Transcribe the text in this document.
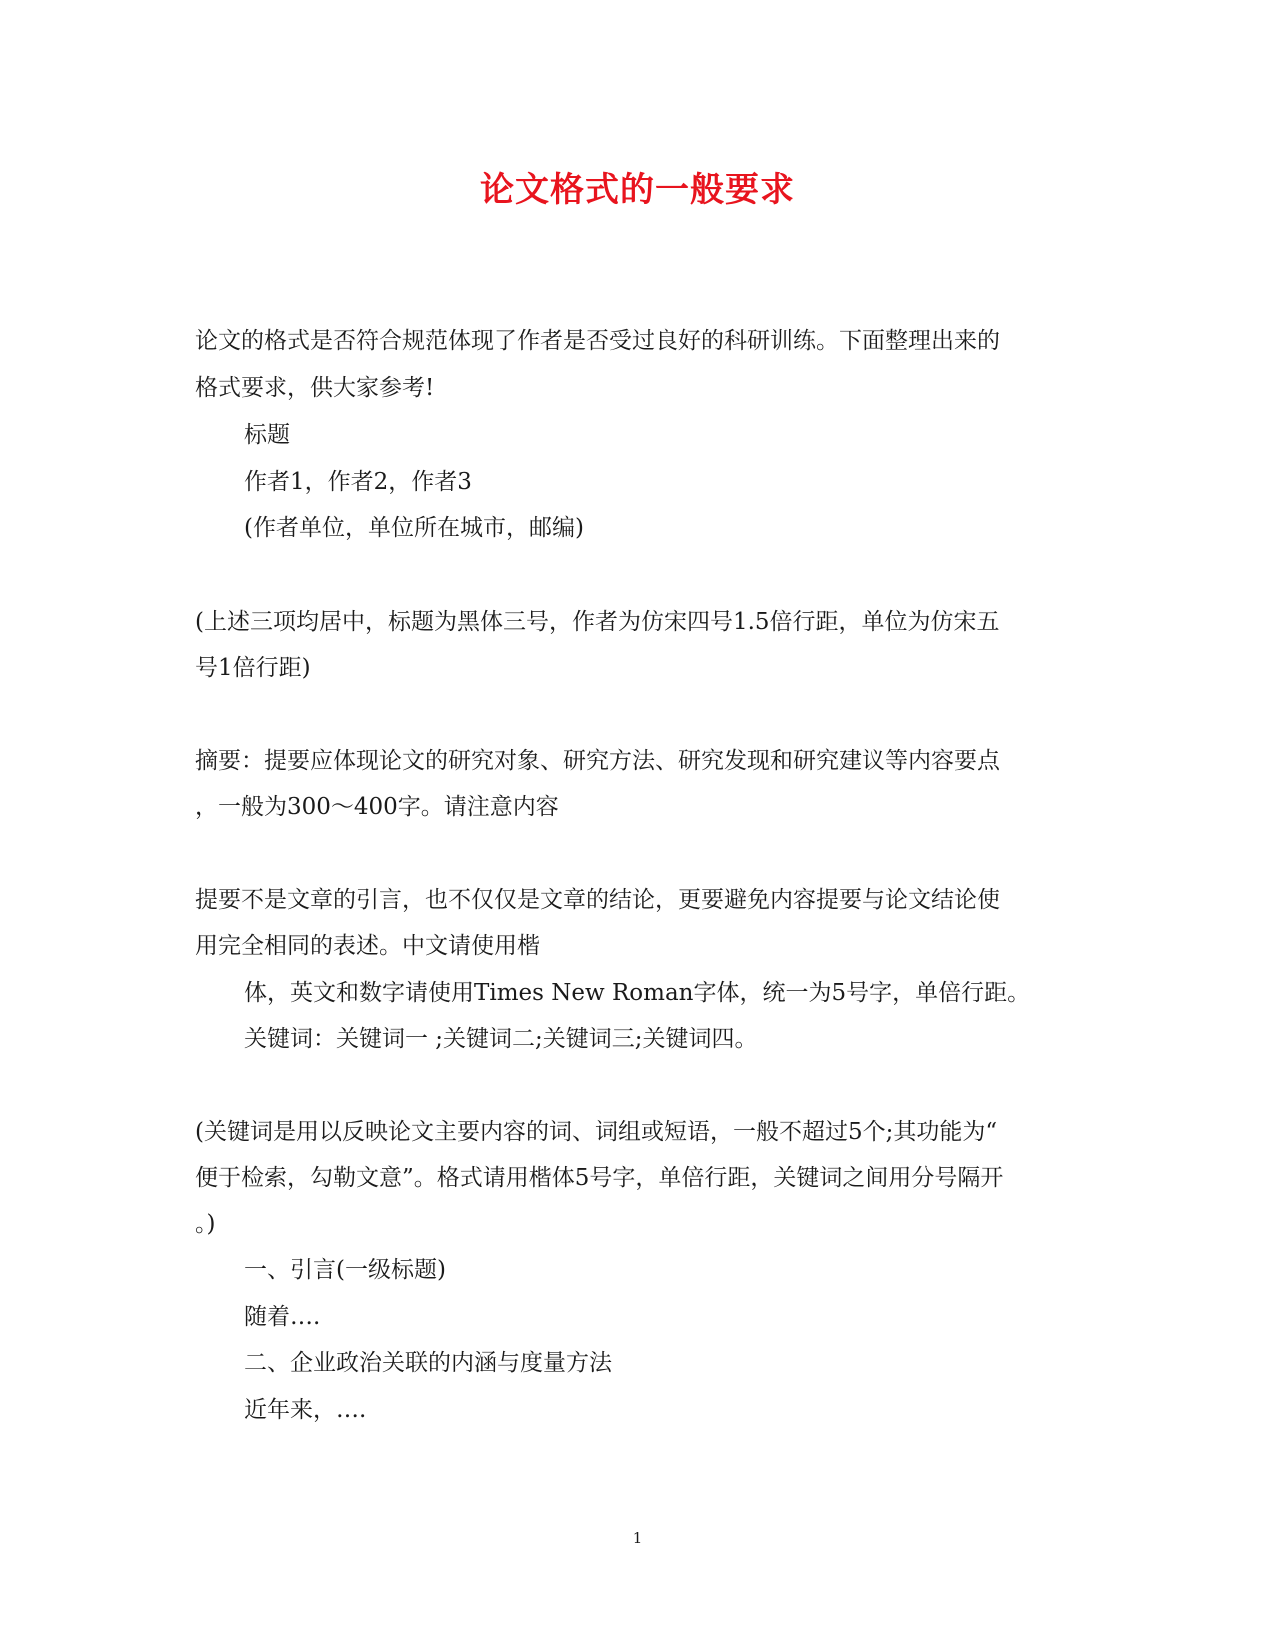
论文格式的一般要求
论文的格式是否符合规范体现了作者是否受过良好的科研训练。下面整理出来的
格式要求，供大家参考!
标题
作者1，作者2，作者3
(作者单位，单位所在城市，邮编)
(上述三项均居中，标题为黑体三号，作者为仿宋四号1.5倍行距，单位为仿宋五
号1倍行距)
摘要：提要应体现论文的研究对象、研究方法、研究发现和研究建议等内容要点
，一般为300～400字。请注意内容
提要不是文章的引言，也不仅仅是文章的结论，更要避免内容提要与论文结论使
用完全相同的表述。中文请使用楷
体，英文和数字请使用Times New Roman字体，统一为5号字，单倍行距。
关键词：关键词一 ;关键词二;关键词三;关键词四。
(关键词是用以反映论文主要内容的词、词组或短语，一般不超过5个;其功能为“
便于检索，勾勒文意”。格式请用楷体5号字，单倍行距，关键词之间用分号隔开
。)
一、引言(一级标题)
随着….
二、企业政治关联的内涵与度量方法
近年来，….
1
